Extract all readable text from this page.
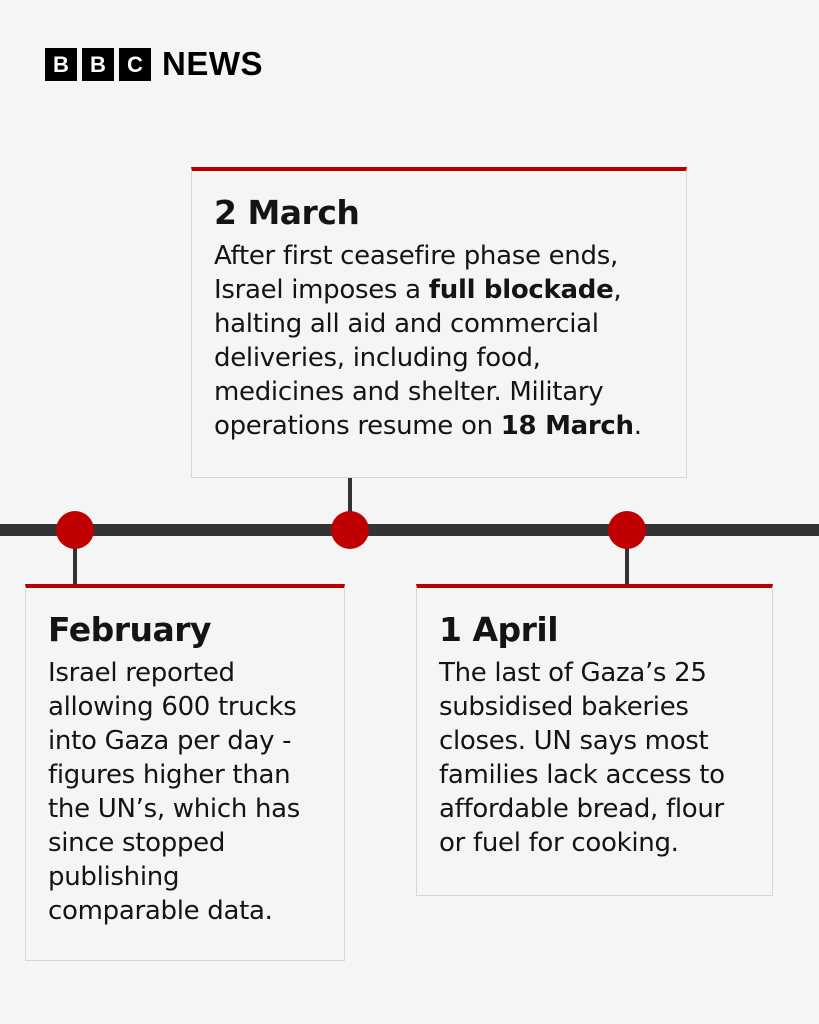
B B C NEWS
2 March
After first ceasefire phase ends, Israel imposes a full blockade, halting all aid and commercial deliveries, including food, medicines and shelter. Military operations resume on 18 March.
February
Israel reported allowing 600 trucks into Gaza per day - figures higher than the UN’s, which has since stopped publishing comparable data.
1 April
The last of Gaza’s 25 subsidised bakeries closes. UN says most families lack access to affordable bread, flour or fuel for cooking.
